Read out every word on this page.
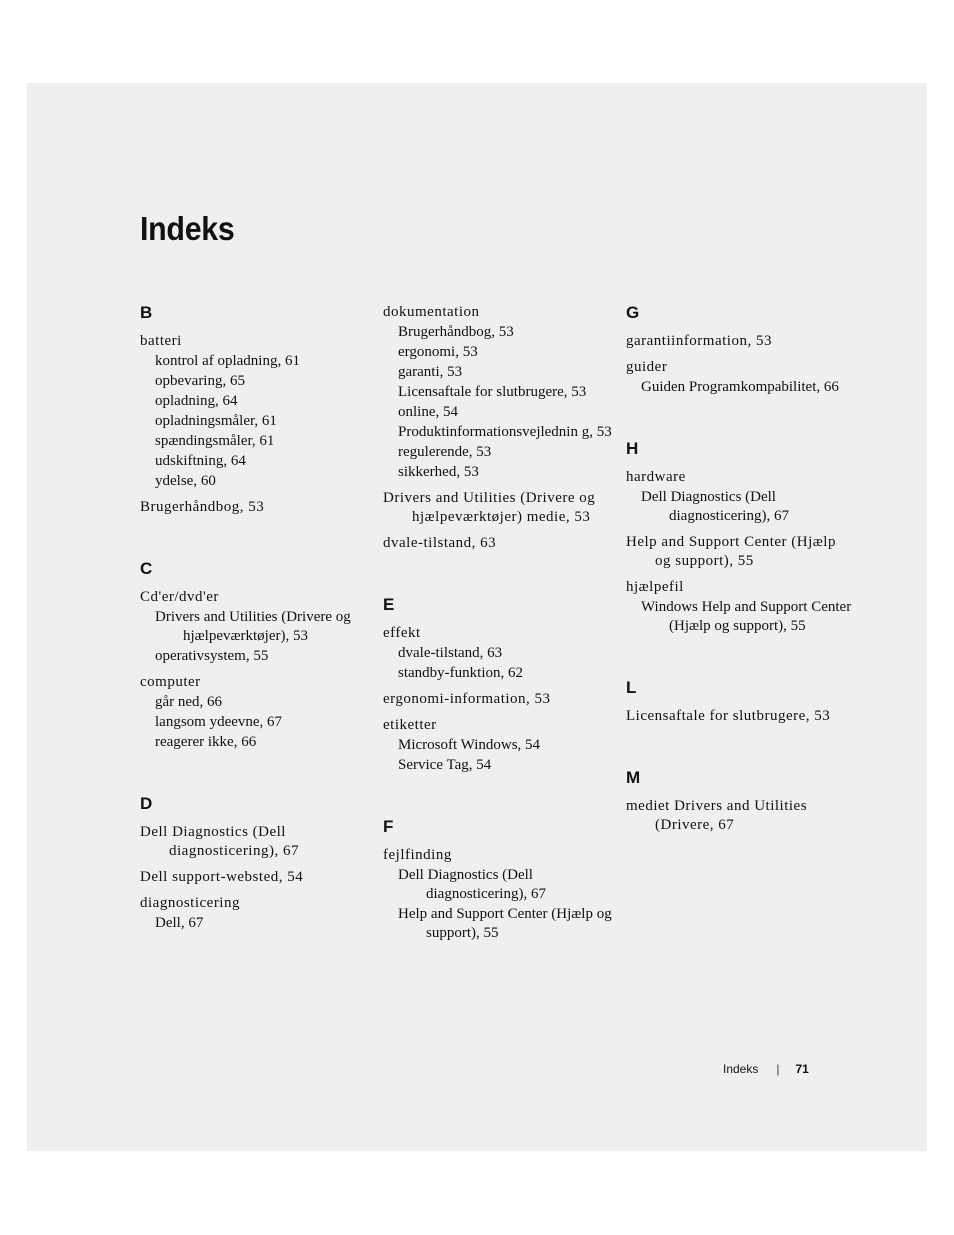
Indeks
B
batteri
kontrol af opladning, 61
opbevaring, 65
opladning, 64
opladningsmåler, 61
spændingsmåler, 61
udskiftning, 64
ydelse, 60
Brugerhåndbog, 53
C
Cd'er/dvd'er
Drivers and Utilities (Drivere og hjælpeværktøjer), 53
operativsystem, 55
computer
går ned, 66
langsom ydeevne, 67
reagerer ikke, 66
D
Dell Diagnostics (Dell diagnosticering), 67
Dell support-websted, 54
diagnosticering
Dell, 67
dokumentation
Brugerhåndbog, 53
ergonomi, 53
garanti, 53
Licensaftale for slutbrugere, 53
online, 54
Produktinformationsvejlednin g, 53
regulerende, 53
sikkerhed, 53
Drivers and Utilities (Drivere og hjælpeværktøjer) medie, 53
dvale-tilstand, 63
E
effekt
dvale-tilstand, 63
standby-funktion, 62
ergonomi-information, 53
etiketter
Microsoft Windows, 54
Service Tag, 54
F
fejlfinding
Dell Diagnostics (Dell diagnosticering), 67
Help and Support Center (Hjælp og support), 55
G
garantiinformation, 53
guider
Guiden Programkompabilitet, 66
H
hardware
Dell Diagnostics (Dell diagnosticering), 67
Help and Support Center (Hjælp og support), 55
hjælpefil
Windows Help and Support Center (Hjælp og support), 55
L
Licensaftale for slutbrugere, 53
M
mediet Drivers and Utilities (Drivere, 67
Indeks | 71
